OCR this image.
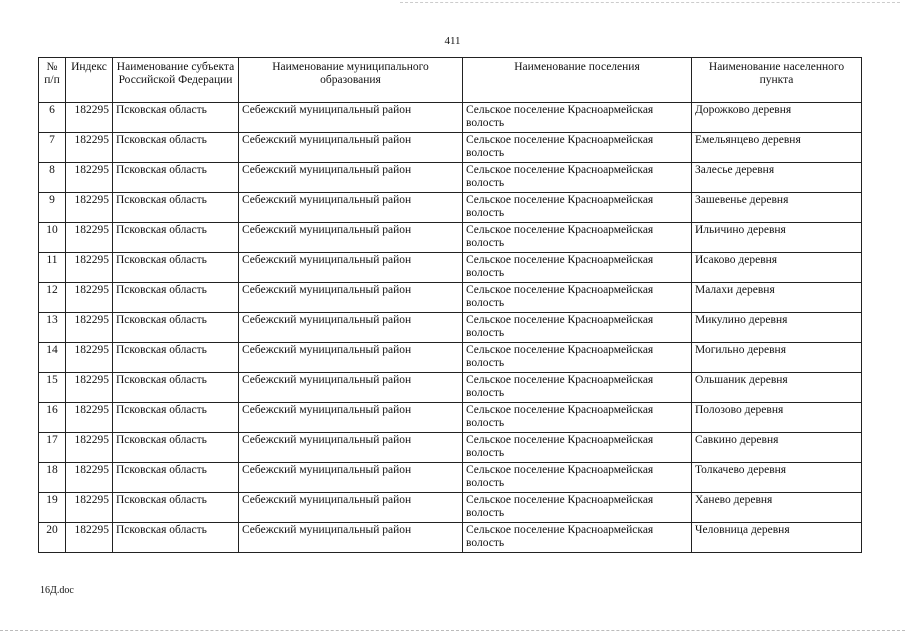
411
№ п/п	Индекс	Наименование субъекта Российской Федерации	Наименование муниципального образования	Наименование поселения	Наименование населенного пункта
6	182295	Псковская область	Себежский муниципальный район	Сельское поселение Красноармейская волость	Дорожково деревня
7	182295	Псковская область	Себежский муниципальный район	Сельское поселение Красноармейская волость	Емельянцево деревня
8	182295	Псковская область	Себежский муниципальный район	Сельское поселение Красноармейская волость	Залесье деревня
9	182295	Псковская область	Себежский муниципальный район	Сельское поселение Красноармейская волость	Зашевенье деревня
10	182295	Псковская область	Себежский муниципальный район	Сельское поселение Красноармейская волость	Ильичино деревня
11	182295	Псковская область	Себежский муниципальный район	Сельское поселение Красноармейская волость	Исаково деревня
12	182295	Псковская область	Себежский муниципальный район	Сельское поселение Красноармейская волость	Малахи деревня
13	182295	Псковская область	Себежский муниципальный район	Сельское поселение Красноармейская волость	Микулино деревня
14	182295	Псковская область	Себежский муниципальный район	Сельское поселение Красноармейская волость	Могильно деревня
15	182295	Псковская область	Себежский муниципальный район	Сельское поселение Красноармейская волость	Ольшаник деревня
16	182295	Псковская область	Себежский муниципальный район	Сельское поселение Красноармейская волость	Полозово деревня
17	182295	Псковская область	Себежский муниципальный район	Сельское поселение Красноармейская волость	Савкино деревня
18	182295	Псковская область	Себежский муниципальный район	Сельское поселение Красноармейская волость	Толкачево деревня
19	182295	Псковская область	Себежский муниципальный район	Сельское поселение Красноармейская волость	Ханево деревня
20	182295	Псковская область	Себежский муниципальный район	Сельское поселение Красноармейская волость	Человница деревня
16Д.doc
